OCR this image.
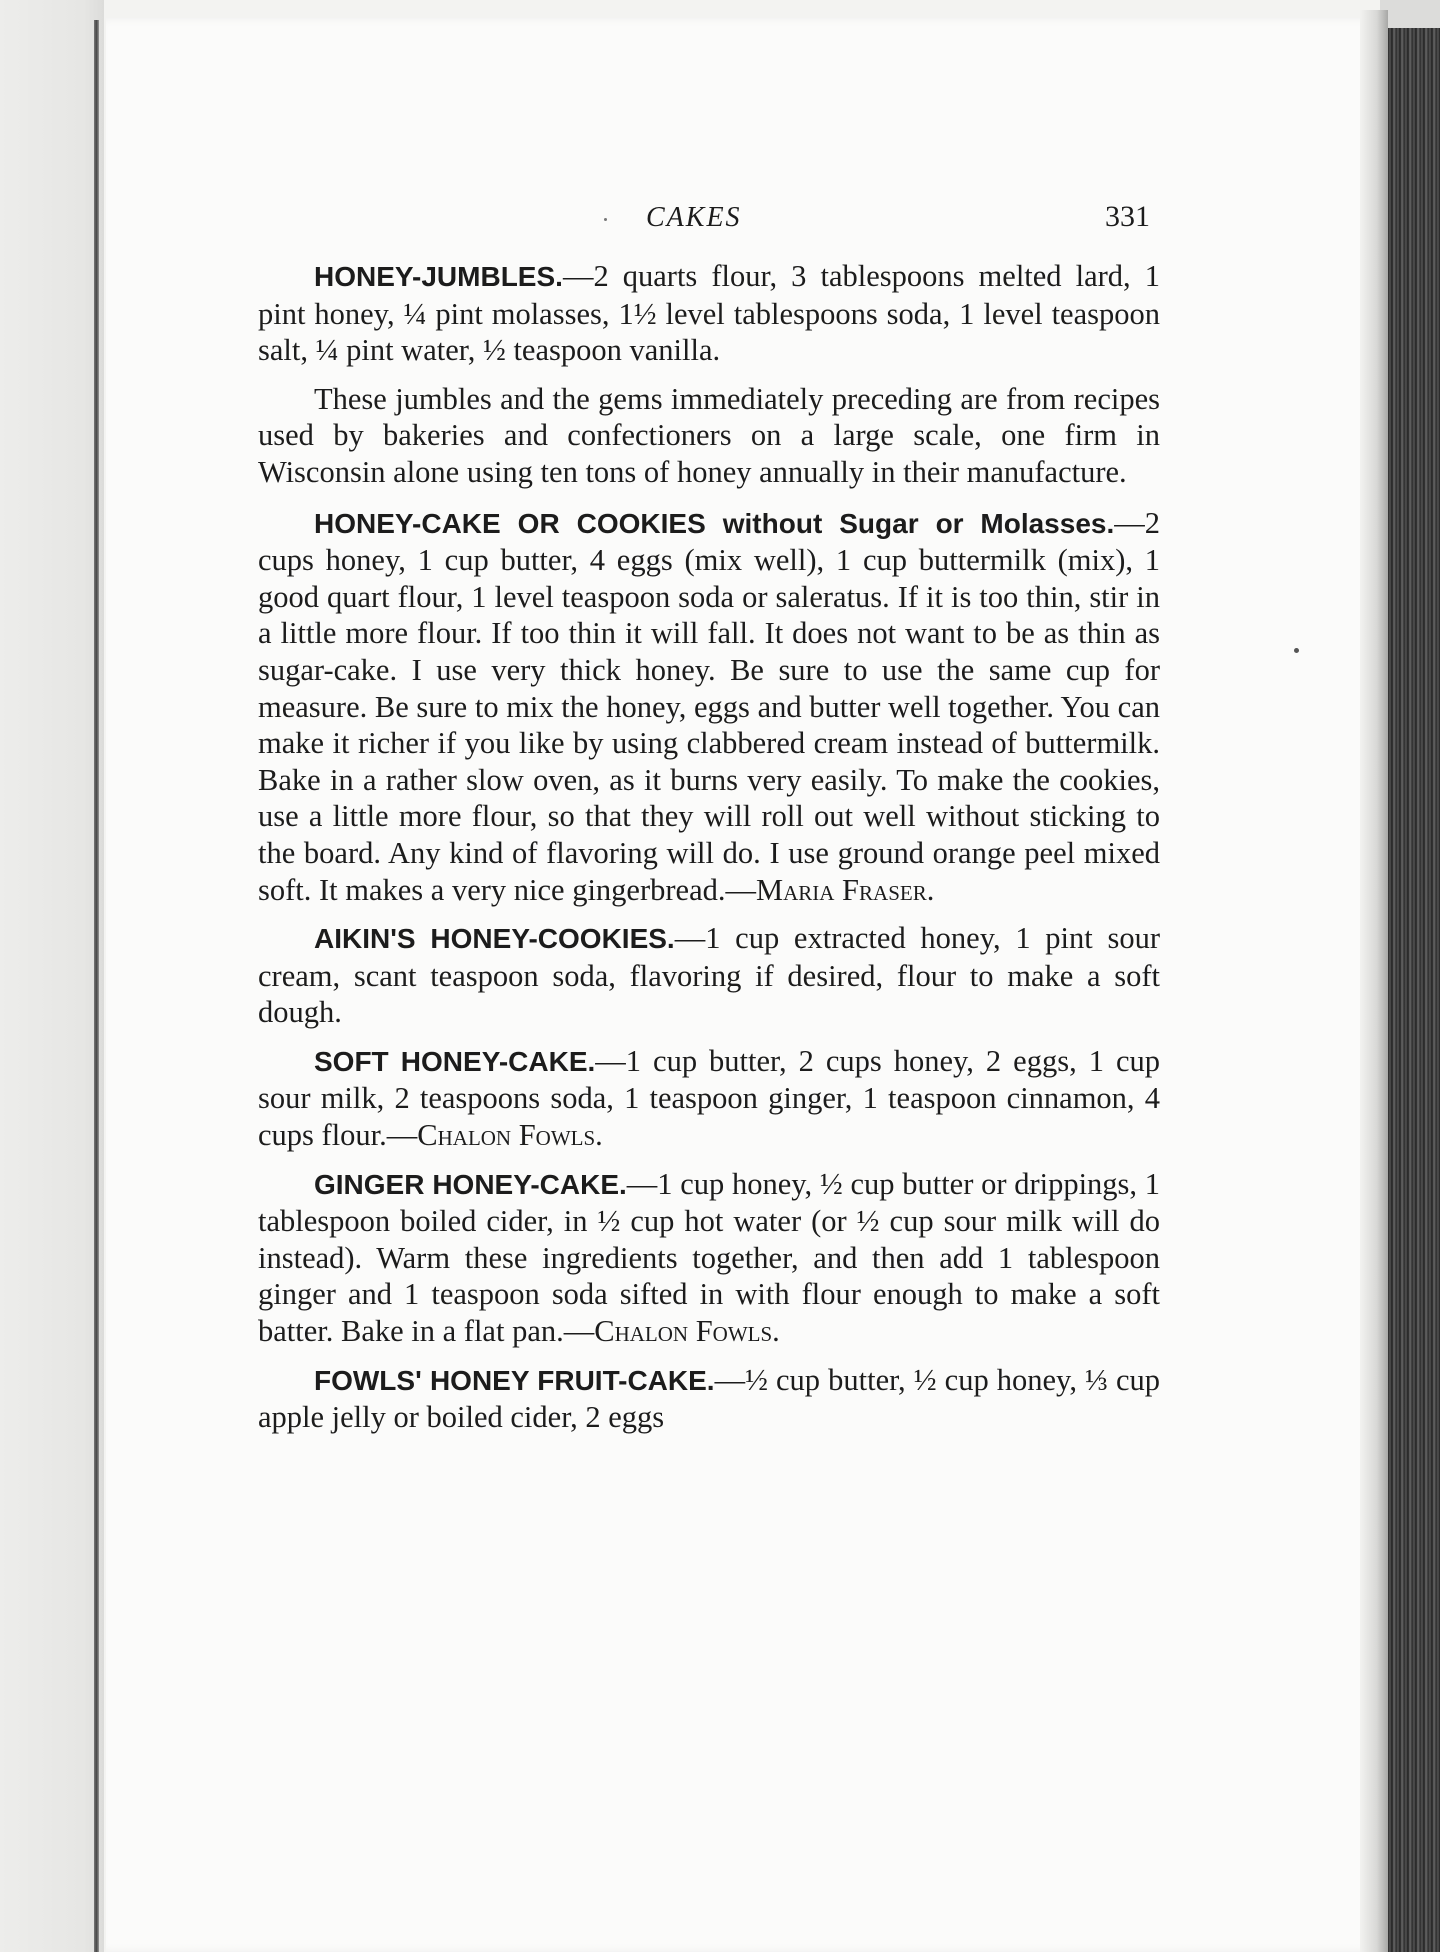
CAKES	331

HONEY-JUMBLES.—2 quarts flour, 3 tablespoons melted lard, 1 pint honey, ¼ pint molasses, 1½ level tablespoons soda, 1 level teaspoon salt, ¼ pint water, ½ teaspoon vanilla.

These jumbles and the gems immediately preceding are from recipes used by bakeries and confectioners on a large scale, one firm in Wisconsin alone using ten tons of honey annually in their manufacture.

HONEY-CAKE OR COOKIES without Sugar or Molasses.—2 cups honey, 1 cup butter, 4 eggs (mix well), 1 cup buttermilk (mix), 1 good quart flour, 1 level teaspoon soda or saleratus. If it is too thin, stir in a little more flour. If too thin it will fall. It does not want to be as thin as sugar-cake. I use very thick honey. Be sure to use the same cup for measure. Be sure to mix the honey, eggs and butter well together. You can make it richer if you like by using clabbered cream instead of buttermilk. Bake in a rather slow oven, as it burns very easily. To make the cookies, use a little more flour, so that they will roll out well without sticking to the board. Any kind of flavoring will do. I use ground orange peel mixed soft. It makes a very nice gingerbread.—Maria Fraser.

AIKIN'S HONEY-COOKIES.—1 cup extracted honey, 1 pint sour cream, scant teaspoon soda, flavoring if desired, flour to make a soft dough.

SOFT HONEY-CAKE.—1 cup butter, 2 cups honey, 2 eggs, 1 cup sour milk, 2 teaspoons soda, 1 teaspoon ginger, 1 teaspoon cinnamon, 4 cups flour.—Chalon Fowls.

GINGER HONEY-CAKE.—1 cup honey, ½ cup butter or drippings, 1 tablespoon boiled cider, in ½ cup hot water (or ½ cup sour milk will do instead). Warm these ingredients together, and then add 1 tablespoon ginger and 1 teaspoon soda sifted in with flour enough to make a soft batter. Bake in a flat pan.—Chalon Fowls.

FOWLS' HONEY FRUIT-CAKE.—½ cup butter, ½ cup honey, ⅓ cup apple jelly or boiled cider, 2 eggs
